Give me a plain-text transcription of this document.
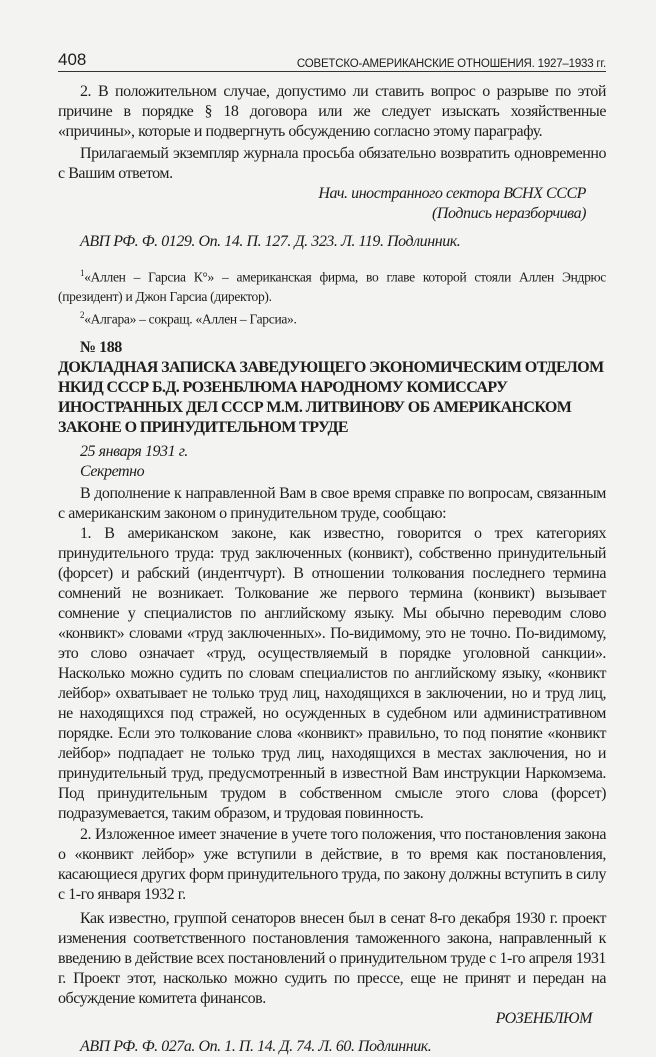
408	СОВЕТСКО-АМЕРИКАНСКИЕ ОТНОШЕНИЯ. 1927–1933 гг.

2. В положительном случае, допустимо ли ставить вопрос о разрыве по этой причине в порядке § 18 договора или же следует изыскать хозяйственные «причины», которые и подвергнуть обсуждению согласно этому параграфу.

Прилагаемый экземпляр журнала просьба обязательно возвратить одновременно с Вашим ответом.

Нач. иностранного сектора ВСНХ СССР

(Подпись неразборчива)

АВП РФ. Ф. 0129. Оп. 14. П. 127. Д. 323. Л. 119. Подлинник.

$^1$«Аллен – Гарсиа К°» – американская фирма, во главе которой стояли Аллен Эндрюс (президент) и Джон Гарсиа (директор).

$^2$«Алгара» – сокращ. «Аллен – Гарсиа».

№ 188

ДОКЛАДНАЯ ЗАПИСКА ЗАВЕДУЮЩЕГО ЭКОНОМИЧЕСКИМ ОТДЕЛОМ НКИД СССР Б.Д. РОЗЕНБЛЮМА НАРОДНОМУ КОМИССАРУ ИНОСТРАННЫХ ДЕЛ СССР М.М. ЛИТВИНОВУ ОБ АМЕРИКАНСКОМ ЗАКОНЕ О ПРИНУДИТЕЛЬНОМ ТРУДЕ

25 января 1931 г.

Секретно

В дополнение к направленной Вам в свое время справке по вопросам, связанным с американским законом о принудительном труде, сообщаю:

1. В американском законе, как известно, говорится о трех категориях принудительного труда: труд заключенных (конвикт), собственно принудительный (форсет) и рабский (индентчурт). В отношении толкования последнего термина сомнений не возникает. Толкование же первого термина (конвикт) вызывает сомнение у специалистов по английскому языку. Мы обычно переводим слово «конвикт» словами «труд заключенных». По-видимому, это не точно. По-видимому, это слово означает «труд, осуществляемый в порядке уголовной санкции». Насколько можно судить по словам специалистов по английскому языку, «конвикт лейбор» охватывает не только труд лиц, находящихся в заключении, но и труд лиц, не находящихся под стражей, но осужденных в судебном или административном порядке. Если это толкование слова «конвикт» правильно, то под понятие «конвикт лейбор» подпадает не только труд лиц, находящихся в местах заключения, но и принудительный труд, предусмотренный в известной Вам инструкции Наркомзема. Под принудительным трудом в собственном смысле этого слова (форсет) подразумевается, таким образом, и трудовая повинность.

2. Изложенное имеет значение в учете того положения, что постановления закона о «конвикт лейбор» уже вступили в действие, в то время как постановления, касающиеся других форм принудительного труда, по закону должны вступить в силу с 1-го января 1932 г.

Как известно, группой сенаторов внесен был в сенат 8-го декабря 1930 г. проект изменения соответственного постановления таможенного закона, направленный к введению в действие всех постановлений о принудительном труде с 1-го апреля 1931 г. Проект этот, насколько можно судить по прессе, еще не принят и передан на обсуждение комитета финансов.

РОЗЕНБЛЮМ

АВП РФ. Ф. 027а. Оп. 1. П. 14. Д. 74. Л. 60. Подлинник.
